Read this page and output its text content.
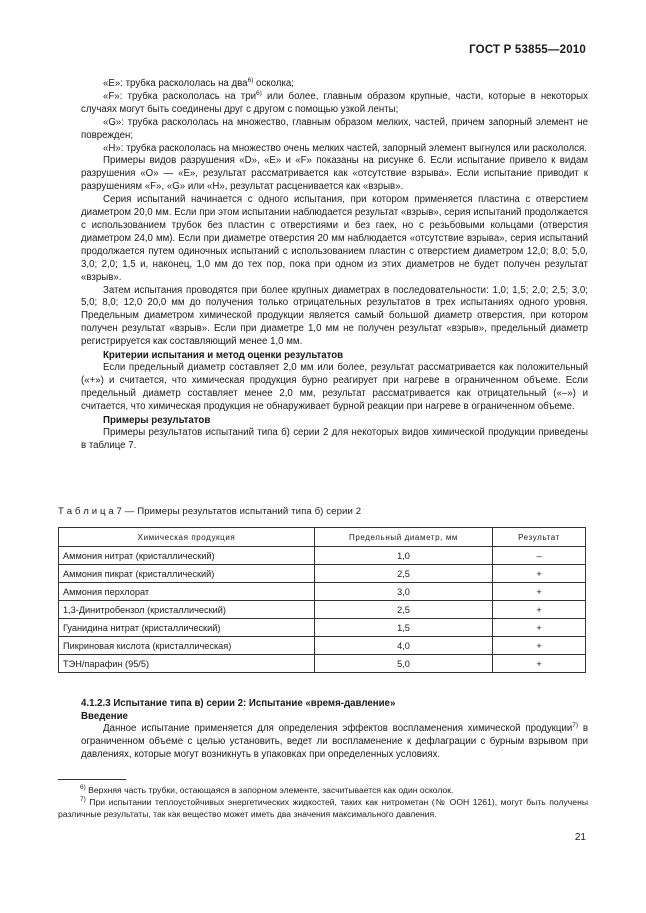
ГОСТ Р 53855—2010

«E»: трубка раскололась на два$^{6)}$ осколка;

«F»: трубка раскололась на три$^{6)}$ или более, главным образом крупные, части, которые в некоторых случаях могут быть соединены друг с другом с помощью узкой ленты;

«G»: трубка раскололась на множество, главным образом мелких, частей, причем запорный элемент не поврежден;

«H»: трубка раскололась на множество очень мелких частей, запорный элемент выгнулся или раскололся.

Примеры видов разрушения «D», «E» и «F» показаны на рисунке 6. Если испытание привело к видам разрушения «O» — «E», результат рассматривается как «отсутствие взрыва». Если испытание приводит к разрушениям «F», «G» или «H», результат расценивается как «взрыв».

Серия испытаний начинается с одного испытания, при котором применяется пластина с отверстием диаметром 20,0 мм. Если при этом испытании наблюдается результат «взрыв», серия испытаний продолжается с использованием трубок без пластин с отверстиями и без гаек, но с резьбовыми кольцами (отверстия диаметром 24,0 мм). Если при диаметре отверстия 20 мм наблюдается «отсутствие взрыва», серия испытаний продолжается путем одиночных испытаний с использованием пластин с отверстием диаметром 12,0; 8,0; 5,0, 3,0; 2,0; 1,5 и, наконец, 1,0 мм до тех пор, пока при одном из этих диаметров не будет получен результат «взрыв».

Затем испытания проводятся при более крупных диаметрах в последовательности: 1,0; 1,5; 2,0; 2,5; 3,0; 5,0; 8,0; 12,0 20,0 мм до получения только отрицательных результатов в трех испытаниях одного уровня. Предельным диаметром химической продукции является самый большой диаметр отверстия, при котором получен результат «взрыв». Если при диаметре 1,0 мм не получен результат «взрыв», предельный диаметр регистрируется как составляющий менее 1,0 мм.

Критерии испытания и метод оценки результатов

Если предельный диаметр составляет 2,0 мм или более, результат рассматривается как положительный («+») и считается, что химическая продукция бурно реагирует при нагреве в ограниченном объеме. Если предельный диаметр составляет менее 2,0 мм, результат рассматривается как отрицательный («–») и считается, что химическая продукция не обнаруживает бурной реакции при нагреве в ограниченном объеме.

Примеры результатов

Примеры результатов испытаний типа б) серии 2 для некоторых видов химической продукции приведены в таблице 7.

Т а б л и ц а 7 — Примеры результатов испытаний типа б) серии 2
Химическая продукция	Предельный диаметр, мм	Результат
Аммония нитрат (кристаллический)	1,0	–
Аммония пикрат (кристаллический)	2,5	+
Аммония перхлорат	3,0	+
1,3-Динитробензол (кристаллический)	2,5	+
Гуанидина нитрат (кристаллический)	1,5	+
Пикриновая кислота (кристаллическая)	4,0	+
ТЭН/парафин (95/5)	5,0	+
4.1.2.3 Испытание типа в) серии 2: Испытание «время-давление»
Введение

Данное испытание применяется для определения эффектов воспламенения химической продукции$^{7)}$ в ограниченном объеме с целью установить, ведет ли воспламенение к дефлаграции с бурным взрывом при давлениях, которые могут возникнуть в упаковках при определенных условиях.

$^{6)}$ Верхняя часть трубки, остающаяся в запорном элементе, засчитывается как один осколок.

$^{7)}$ При испытании теплоустойчивых энергетических жидкостей, таких как нитрометан (№ ООН 1261), могут быть получены различные результаты, так как вещество может иметь два значения максимального давления.

21
